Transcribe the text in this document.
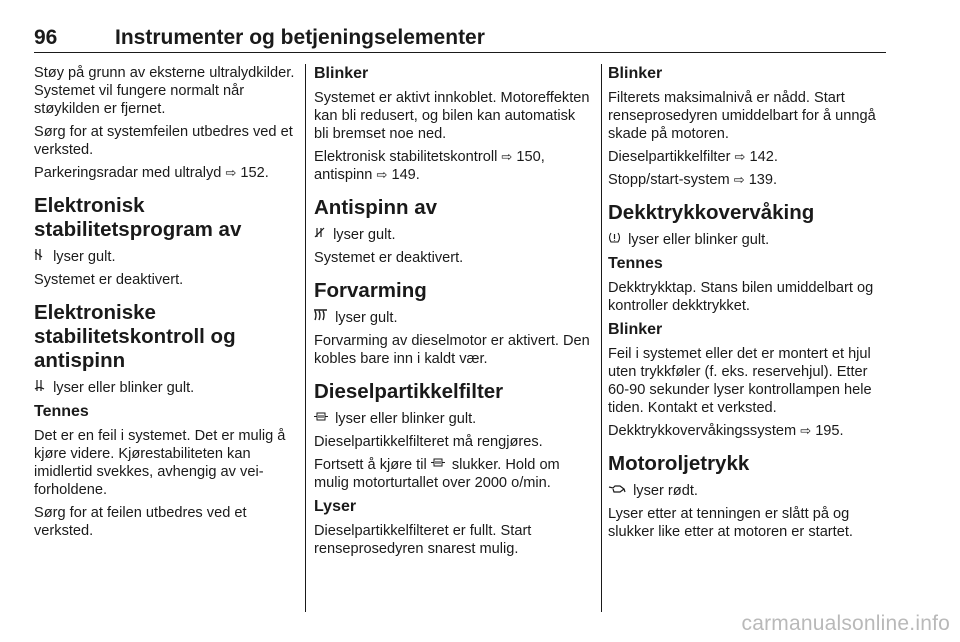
96	Instrumenter og betjeningselementer

Støy på grunn av eksterne ultralydkilder. Systemet vil fungere normalt når støykilden er fjernet.

Sørg for at systemfeilen utbedres ved et verksted.

Parkeringsradar med ultralyd ⇨ 152.

Elektronisk stabilitetsprogram av

lyser gult.

Systemet er deaktivert.

Elektroniske stabilitetskontroll og antispinn

lyser eller blinker gult.

Tennes

Det er en feil i systemet. Det er mulig å kjøre videre. Kjørestabiliteten kan imidlertid svekkes, avhengig av veiforholdene.

Sørg for at feilen utbedres ved et verksted.

Blinker

Systemet er aktivt innkoblet. Motoreffekten kan bli redusert, og bilen kan automatisk bli bremset noe ned.

Elektronisk stabilitetskontroll ⇨ 150, antispinn ⇨ 149.

Antispinn av

lyser gult.

Systemet er deaktivert.

Forvarming

lyser gult.

Forvarming av dieselmotor er aktivert. Den kobles bare inn i kaldt vær.

Dieselpartikkelfilter

lyser eller blinker gult.

Dieselpartikkelfilteret må rengjøres.

Fortsett å kjøre til slukker. Hold om mulig motorturtallet over 2000 o/min.

Lyser

Dieselpartikkelfilteret er fullt. Start renseprosedyren snarest mulig.

Blinker

Filterets maksimalnivå er nådd. Start renseprosedyren umiddelbart for å unngå skade på motoren.

Dieselpartikkelfilter ⇨ 142.

Stopp/start-system ⇨ 139.

Dekktrykkovervåking

lyser eller blinker gult.

Tennes

Dekktrykktap. Stans bilen umiddelbart og kontroller dekktrykket.

Blinker

Feil i systemet eller det er montert et hjul uten trykkføler (f. eks. reservehjul). Etter 60-90 sekunder lyser kontrollampen hele tiden. Kontakt et verksted.

Dekktrykkovervåkingssystem ⇨ 195.

Motoroljetrykk

lyser rødt.

Lyser etter at tenningen er slått på og slukker like etter at motoren er startet.

carmanualsonline.info
